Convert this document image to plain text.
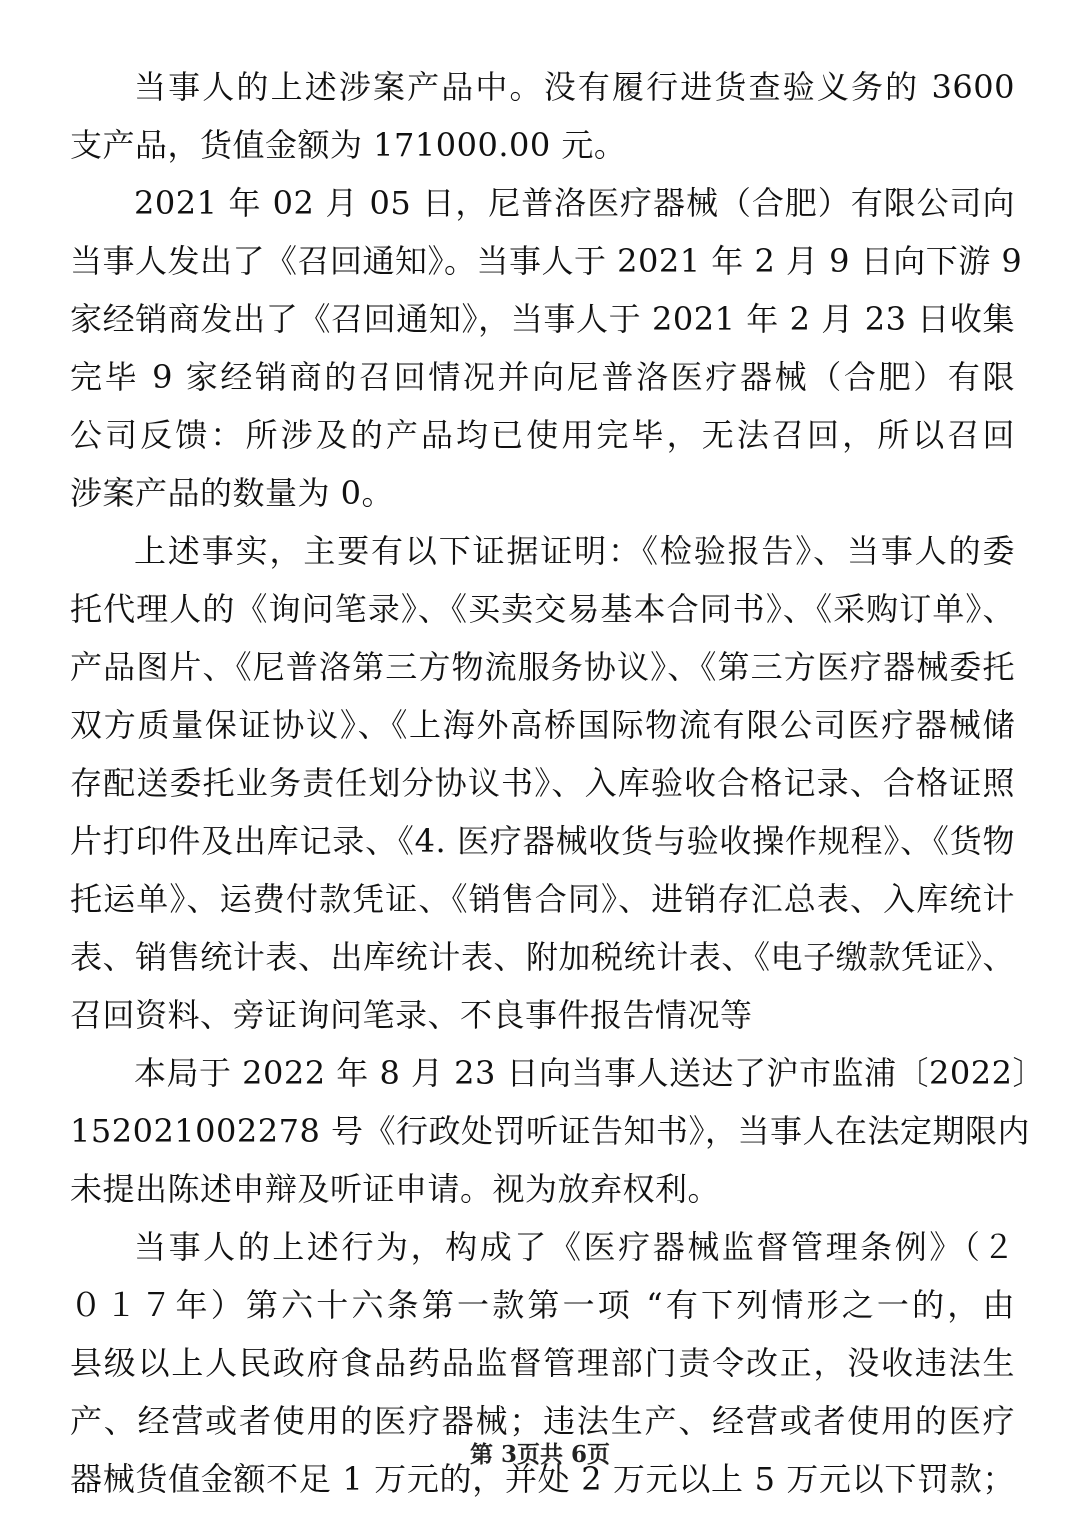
当事人的上述涉案产品中。没有履行进货查验义务的 3600
支产品，货值金额为 171000.00 元。
2021 年 02 月 05 日，尼普洛医疗器械（合肥）有限公司向
当事人发出了《召回通知》。当事人于 2021 年 2 月 9 日向下游 9
家经销商发出了《召回通知》，当事人于 2021 年 2 月 23 日收集
完毕 9 家经销商的召回情况并向尼普洛医疗器械（合肥）有限
公司反馈：所涉及的产品均已使用完毕，无法召回，所以召回
涉案产品的数量为 0。
上述事实，主要有以下证据证明：《检验报告》、当事人的委
托代理人的《询问笔录》、《买卖交易基本合同书》、《采购订单》、
产品图片、《尼普洛第三方物流服务协议》、《第三方医疗器械委托
双方质量保证协议》、《上海外高桥国际物流有限公司医疗器械储
存配送委托业务责任划分协议书》、入库验收合格记录、合格证照
片打印件及出库记录、《4. 医疗器械收货与验收操作规程》、《货物
托运单》、运费付款凭证、《销售合同》、进销存汇总表、入库统计
表、销售统计表、出库统计表、附加税统计表、《电子缴款凭证》、
召回资料、旁证询问笔录、不良事件报告情况等
本局于 2022 年 8 月 23 日向当事人送达了沪市监浦〔2022〕
152021002278 号《行政处罚听证告知书》，当事人在法定期限内
未提出陈述申辩及听证申请。视为放弃权利。
当事人的上述行为，构成了《医疗器械监督管理条例》（２
０１７年）第六十六条第一款第一项 “有下列情形之一的，由
县级以上人民政府食品药品监督管理部门责令改正，没收违法生
产、经营或者使用的医疗器械；违法生产、经营或者使用的医疗
器械货值金额不足 1 万元的，并处 2 万元以上 5 万元以下罚款；
第 3页共 6页
